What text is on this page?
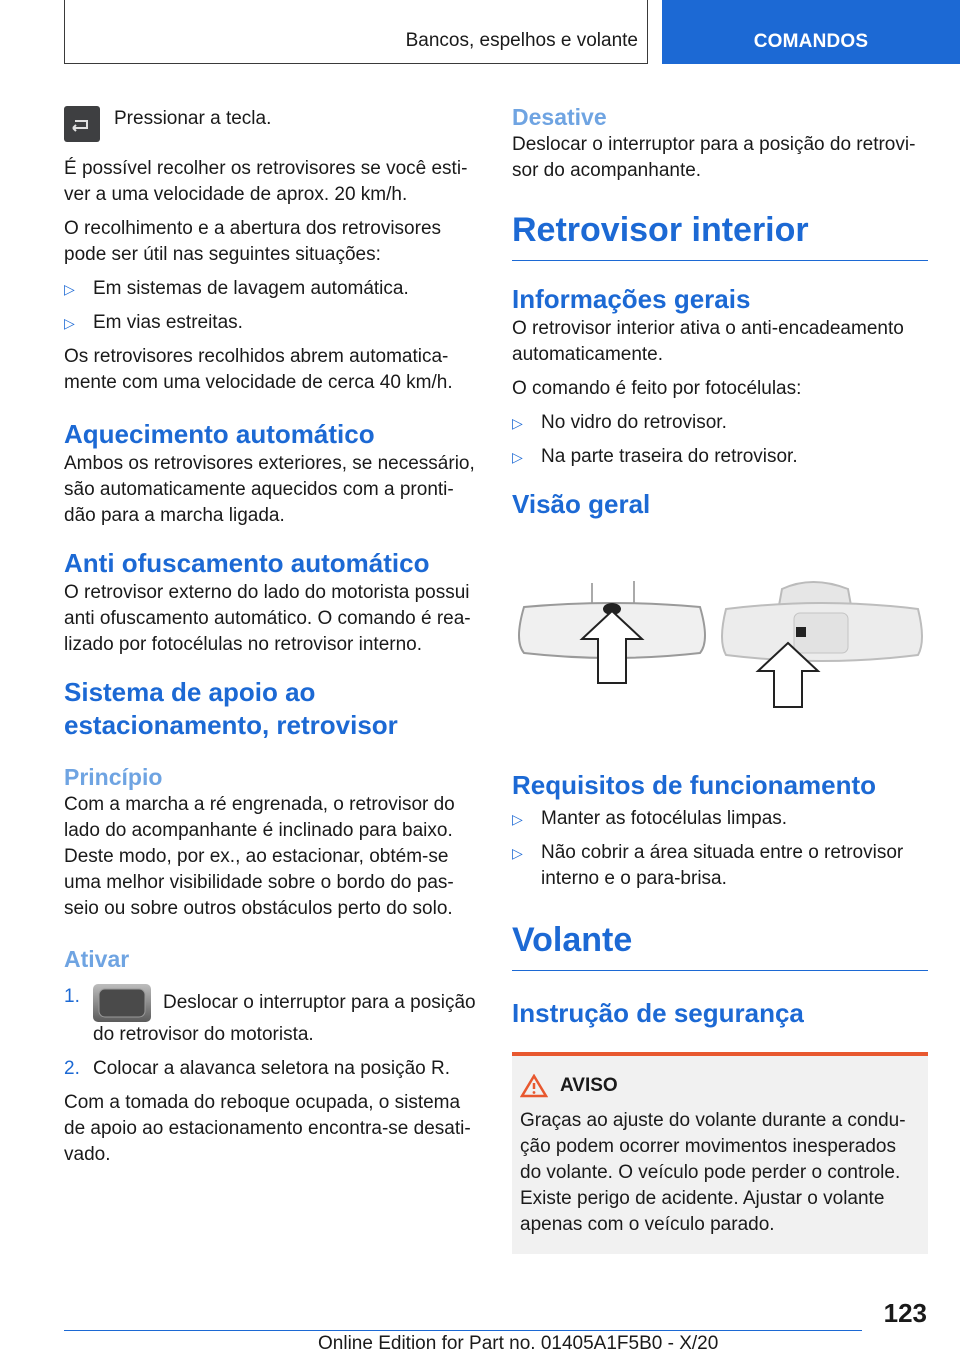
Bancos, espelhos e volante	COMANDOS
Pressionar a tecla.

É possível recolher os retrovisores se você estiver a uma velocidade de aprox. 20 km/h.

O recolhimento e a abertura dos retrovisores pode ser útil nas seguintes situações:

▷ Em sistemas de lavagem automática.
▷ Em vias estreitas.

Os retrovisores recolhidos abrem automaticamente com uma velocidade de cerca 40 km/h.

Aquecimento automático

Ambos os retrovisores exteriores, se necessário, são automaticamente aquecidos com a prontidão para a marcha ligada.

Anti ofuscamento automático

O retrovisor externo do lado do motorista possui anti ofuscamento automático. O comando é realizado por fotocélulas no retrovisor interno.

Sistema de apoio ao estacionamento, retrovisor
Princípio

Com a marcha a ré engrenada, o retrovisor do lado do acompanhante é inclinado para baixo. Deste modo, por ex., ao estacionar, obtém-se uma melhor visibilidade sobre o bordo do passeio ou sobre outros obstáculos perto do solo.

Ativar
1.	Deslocar o interruptor para a posição do retrovisor do motorista.
2. Colocar a alavanca seletora na posição R.

Com a tomada do reboque ocupada, o sistema de apoio ao estacionamento encontra-se desativado.

Desative

Deslocar o interruptor para a posição do retrovisor do acompanhante.

Retrovisor interior
Informações gerais

O retrovisor interior ativa o anti-encadeamento automaticamente.

O comando é feito por fotocélulas:

▷ No vidro do retrovisor.
▷ Na parte traseira do retrovisor.
Visão geral
Requisitos de funcionamento
▷ Manter as fotocélulas limpas.
▷ Não cobrir a área situada entre o retrovisor interno e o para-brisa.
Volante
Instrução de segurança
AVISO

Graças ao ajuste do volante durante a condução podem ocorrer movimentos inesperados do volante. O veículo pode perder o controle. Existe perigo de acidente. Ajustar o volante apenas com o veículo parado.

123
Online Edition for Part no. 01405A1F5B0 - X/20
